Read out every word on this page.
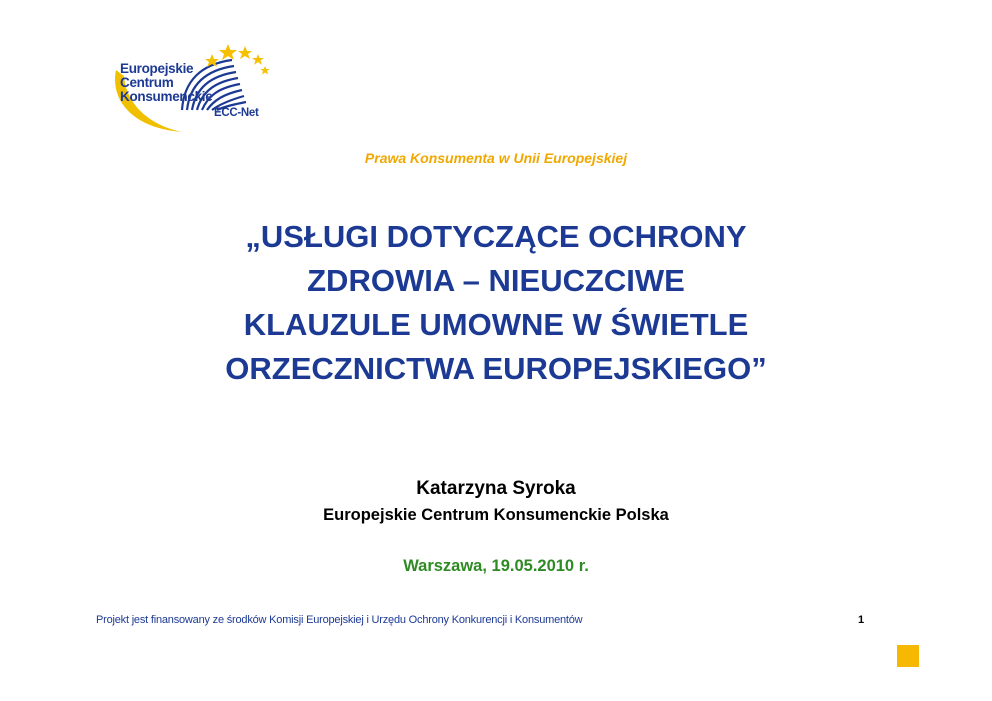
Europejskie
Centrum
Konsumenckie
ECC-Net
Prawa Konsumenta w Unii Europejskiej
„USŁUGI DOTYCZĄCE OCHRONY
ZDROWIA – NIEUCZCIWE
KLAUZULE UMOWNE W ŚWIETLE
ORZECZNICTWA EUROPEJSKIEGO”
Katarzyna Syroka
Europejskie Centrum Konsumenckie Polska
Warszawa, 19.05.2010 r.
Projekt jest finansowany ze środków Komisji Europejskiej i Urzędu Ochrony Konkurencji i Konsumentów	1
